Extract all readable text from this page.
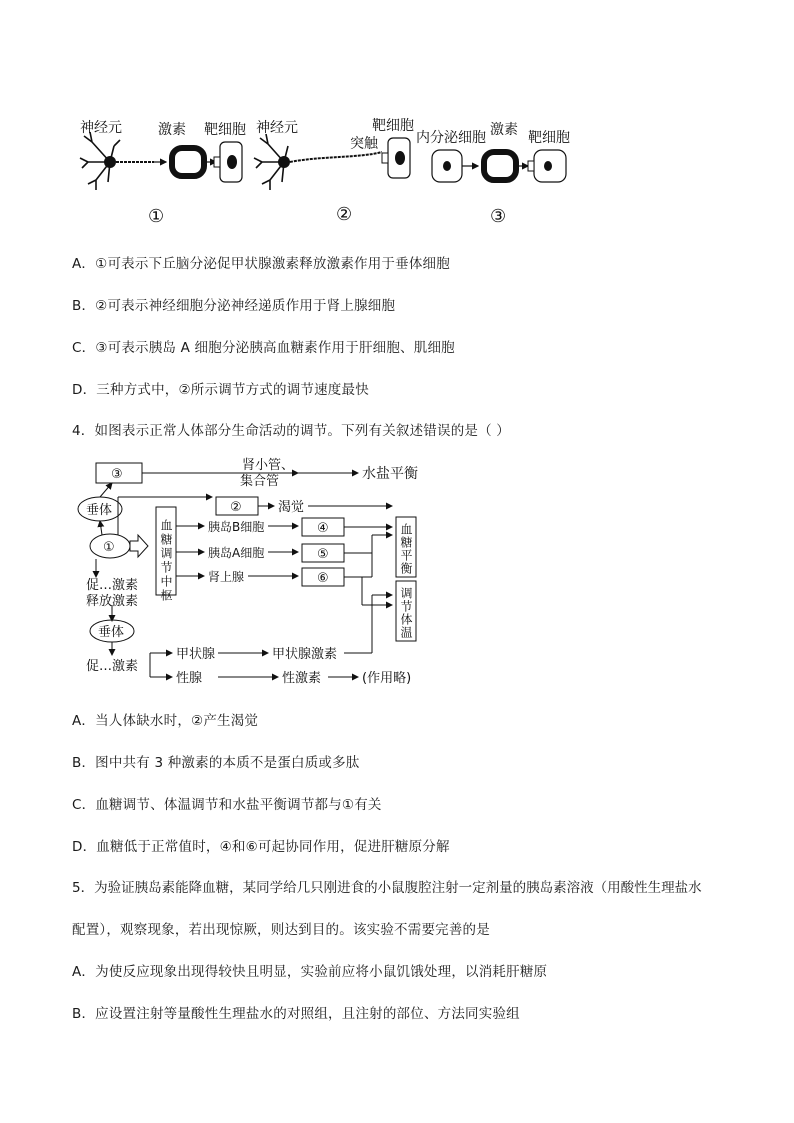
神经元	激素 靶细胞 神经元
突触
靶细胞
内分泌细胞 激素 靶细胞
①	②	③
A．①可表示下丘脑分泌促甲状腺激素释放激素作用于垂体细胞
B．②可表示神经细胞分泌神经递质作用于肾上腺细胞
C．③可表示胰岛 A 细胞分泌胰高血糖素作用于肝细胞、肌细胞
D．三种方式中，②所示调节方式的调节速度最快
4．如图表示正常人体部分生命活动的调节。下列有关叙述错误的是（ ）
③
肾小管、
集合管	水盐平衡
垂体	②	渴觉
①	血糖调节中枢	胰岛B细胞
胰岛A细胞
肾上腺
④
⑤
⑥
血糖平衡
调节体温
促…激素
释放激素
垂体
促…激素
甲状腺	甲状腺激素
性腺	性激素	(作用略)
A．当人体缺水时，②产生渴觉
B．图中共有 3 种激素的本质不是蛋白质或多肽
C．血糖调节、体温调节和水盐平衡调节都与①有关
D．血糖低于正常值时，④和⑥可起协同作用，促进肝糖原分解
5．为验证胰岛素能降血糖，某同学给几只刚进食的小鼠腹腔注射一定剂量的胰岛素溶液（用酸性生理盐水
配置），观察现象，若出现惊厥，则达到目的。该实验不需要完善的是
A．为使反应现象出现得较快且明显，实验前应将小鼠饥饿处理，以消耗肝糖原
B．应设置注射等量酸性生理盐水的对照组，且注射的部位、方法同实验组
